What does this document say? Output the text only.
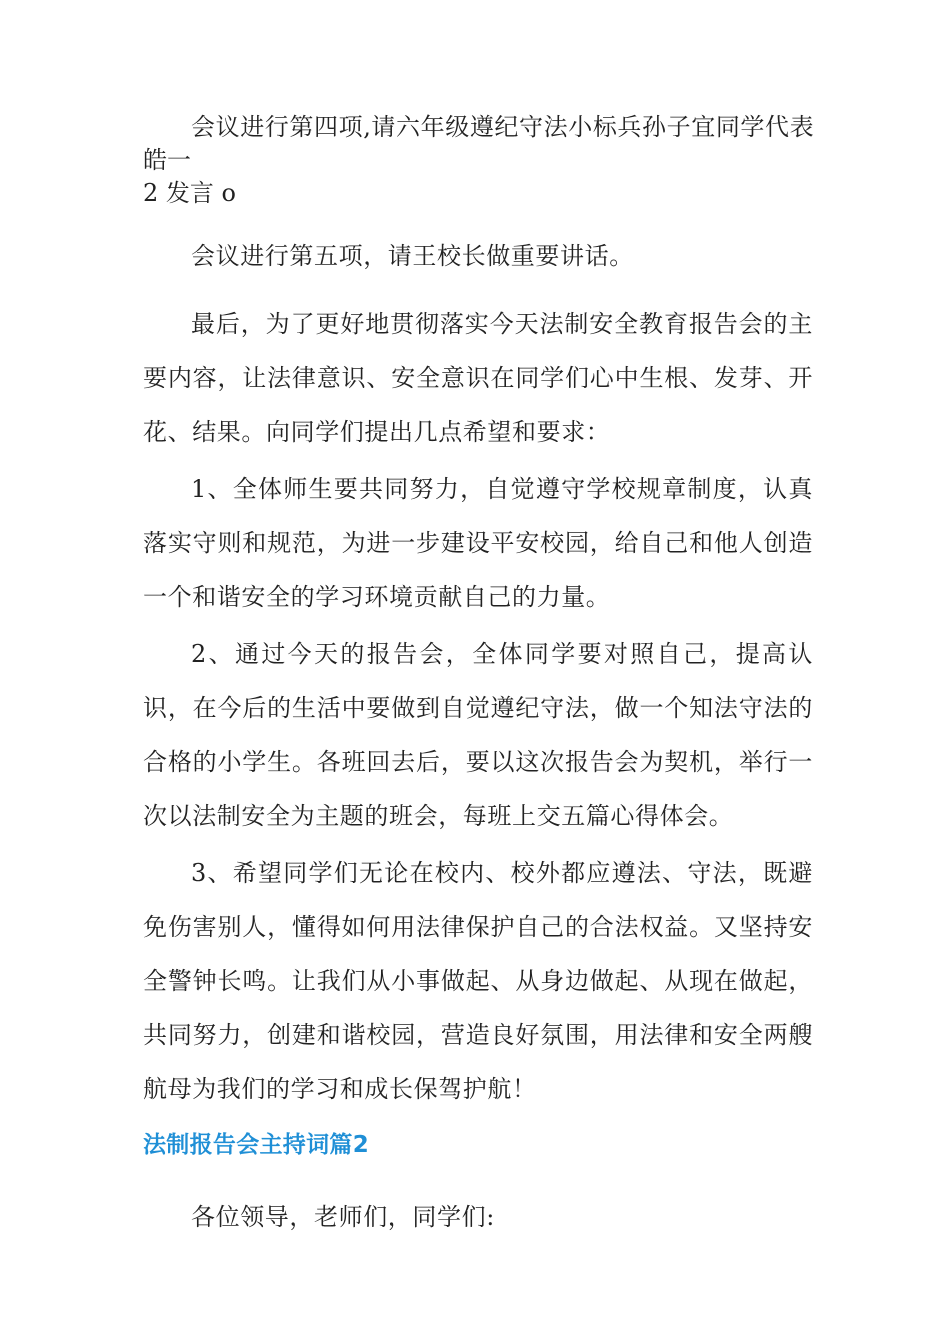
会议进行第四项,请六年级遵纪守法小标兵孙子宜同学代表

皓一

2 发言 o

会议进行第五项，请王校长做重要讲话。

最后，为了更好地贯彻落实今天法制安全教育报告会的主要内容，让法律意识、安全意识在同学们心中生根、发芽、开花、结果。向同学们提出几点希望和要求：

1、全体师生要共同努力，自觉遵守学校规章制度，认真落实守则和规范，为进一步建设平安校园，给自己和他人创造一个和谐安全的学习环境贡献自己的力量。

2、通过今天的报告会，全体同学要对照自己，提高认识，在今后的生活中要做到自觉遵纪守法，做一个知法守法的合格的小学生。各班回去后，要以这次报告会为契机，举行一次以法制安全为主题的班会，每班上交五篇心得体会。

3、希望同学们无论在校内、校外都应遵法、守法，既避免伤害别人，懂得如何用法律保护自己的合法权益。又坚持安全警钟长鸣。让我们从小事做起、从身边做起、从现在做起，共同努力，创建和谐校园，营造良好氛围，用法律和安全两艘航母为我们的学习和成长保驾护航！

法制报告会主持词篇2

各位领导，老师们，同学们:
